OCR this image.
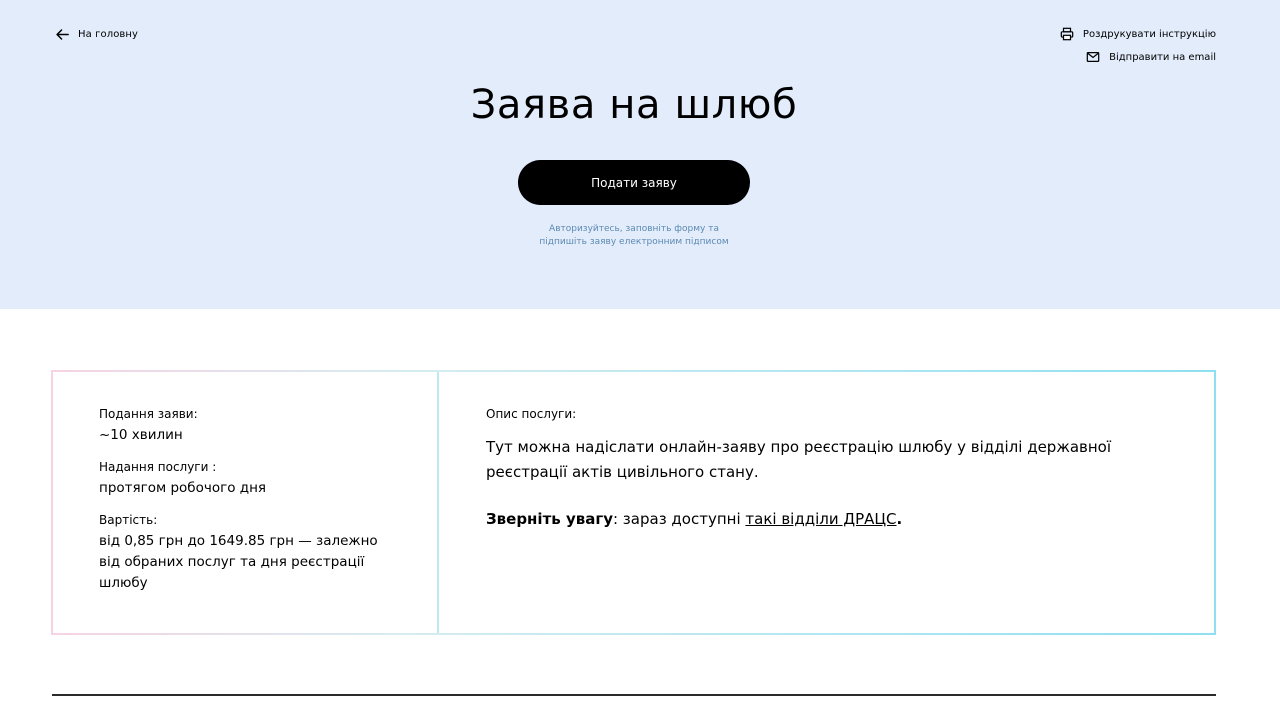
На головну	Роздрукувати інструкцію
Відправити на email
Заява на шлюб
Подати заяву
Авторизуйтесь, заповніть форму та
підпишіть заяву електронним підписом
Подання заяви:
~10 хвилин
Надання послуги :
протягом робочого дня
Вартість:
від 0,85 грн до 1649.85 грн — залежно від обраних послуг та дня реєстрації шлюбу
Опис послуги:
Тут можна надіслати онлайн-заяву про реєстрацію шлюбу у відділі державної реєстрації актів цивільного стану.
Зверніть увагу: зараз доступні такі відділи ДРАЦС.
